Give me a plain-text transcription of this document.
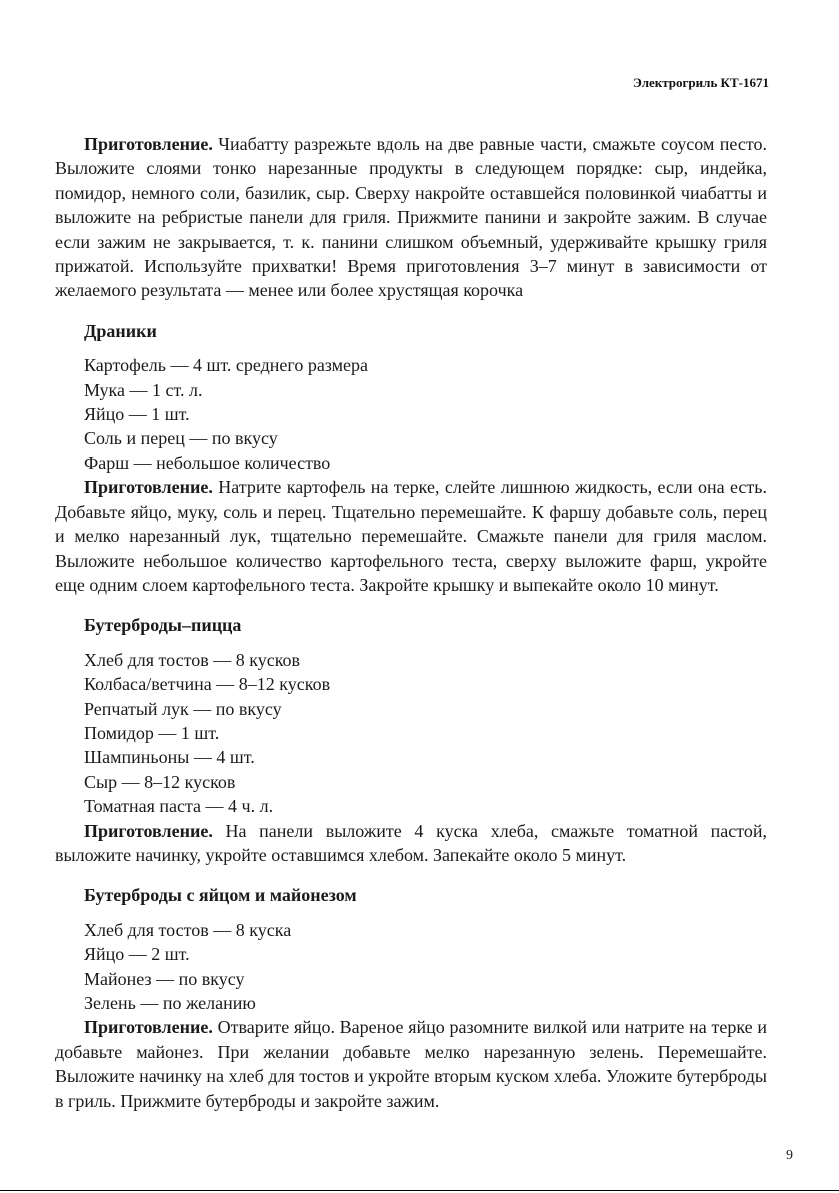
Электрогриль КТ-1671

Приготовление. Чиабатту разрежьте вдоль на две равные части, смажьте соусом песто. Выложите слоями тонко нарезанные продукты в следующем порядке: сыр, индейка, помидор, немного соли, базилик, сыр. Сверху накройте оставшейся половинкой чиабатты и выложите на ребристые панели для гриля. Прижмите панини и закройте зажим. В случае если зажим не закрывается, т. к. панини слишком объемный, удерживайте крышку гриля прижатой. Используйте прихватки! Время приготовления 3–7 минут в зависимости от желаемого результата — менее или более хрустящая корочка

Драники
Картофель — 4 шт. среднего размера
Мука — 1 ст. л.
Яйцо — 1 шт.
Соль и перец — по вкусу
Фарш — небольшое количество

Приготовление. Натрите картофель на терке, слейте лишнюю жидкость, если она есть. Добавьте яйцо, муку, соль и перец. Тщательно перемешайте. К фаршу добавьте соль, перец и мелко нарезанный лук, тщательно перемешайте. Смажьте панели для гриля маслом. Выложите небольшое количество картофельного теста, сверху выложите фарш, укройте еще одним слоем картофельного теста. Закройте крышку и выпекайте около 10 минут.

Бутерброды–пицца
Хлеб для тостов — 8 кусков
Колбаса/ветчина — 8–12 кусков
Репчатый лук — по вкусу
Помидор — 1 шт.
Шампиньоны — 4 шт.
Сыр — 8–12 кусков
Томатная паста — 4 ч. л.

Приготовление. На панели выложите 4 куска хлеба, смажьте томатной пастой, выложите начинку, укройте оставшимся хлебом. Запекайте около 5 минут.

Бутерброды с яйцом и майонезом
Хлеб для тостов — 8 куска
Яйцо — 2 шт.
Майонез — по вкусу
Зелень — по желанию

Приготовление. Отварите яйцо. Вареное яйцо разомните вилкой или натрите на терке и добавьте майонез. При желании добавьте мелко нарезанную зелень. Перемешайте. Выложите начинку на хлеб для тостов и укройте вторым куском хлеба. Уложите бутерброды в гриль. Прижмите бутерброды и закройте зажим.

9
